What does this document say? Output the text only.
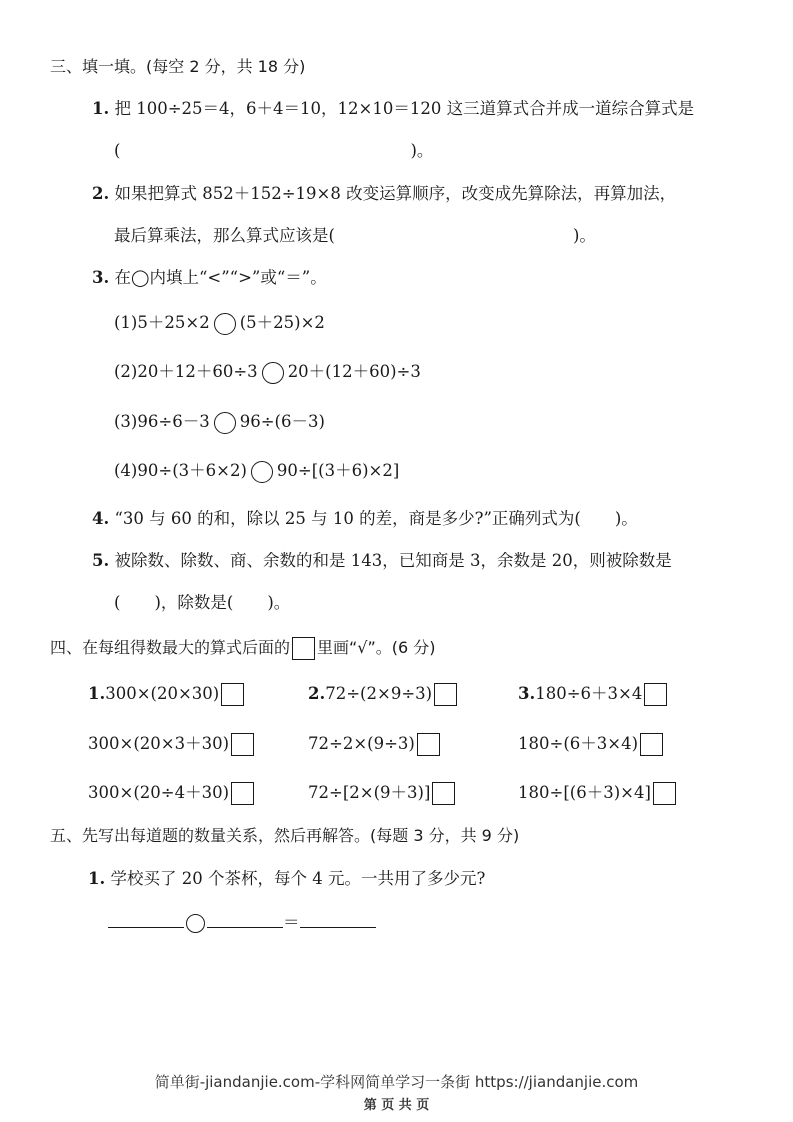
三、填一填。(每空 2 分，共 18 分)
1. 把 100÷25＝4，6＋4＝10，12×10＝120 这三道算式合并成一道综合算式是
(	)。
2. 如果把算式 852＋152÷19×8 改变运算顺序，改变成先算除法，再算加法，
最后算乘法，那么算式应该是(	)。
3. 在◯内填上“<”“>”或“＝”。
(1)5＋25×2 (5＋25)×2
(2)20＋12＋60÷3 20＋(12＋60)÷3
(3)96÷6－3 96÷(6－3)
(4)90÷(3＋6×2) 90÷[(3＋6)×2]
4. “30 与 60 的和，除以 25 与 10 的差，商是多少?”正确列式为( )。
5. 被除数、除数、商、余数的和是 143，已知商是 3，余数是 20，则被除数是
( )，除数是( )。
四、在每组得数最大的算式后面的 里画“√”。(6 分)
1.300×(20×30)
300×(20×3＋30)
300×(20÷4＋30)
2.72÷(2×9÷3)
72÷2×(9÷3)
72÷[2×(9＋3)]
3.180÷6＋3×4
180÷(6＋3×4)
180÷[(6＋3)×4]
五、先写出每道题的数量关系，然后再解答。(每题 3 分，共 9 分)
1. 学校买了 20 个茶杯，每个 4 元。一共用了多少元?
＝
简单街-jiandanjie.com-学科网简单学习一条街 https://jiandanjie.com
第 页 共 页
